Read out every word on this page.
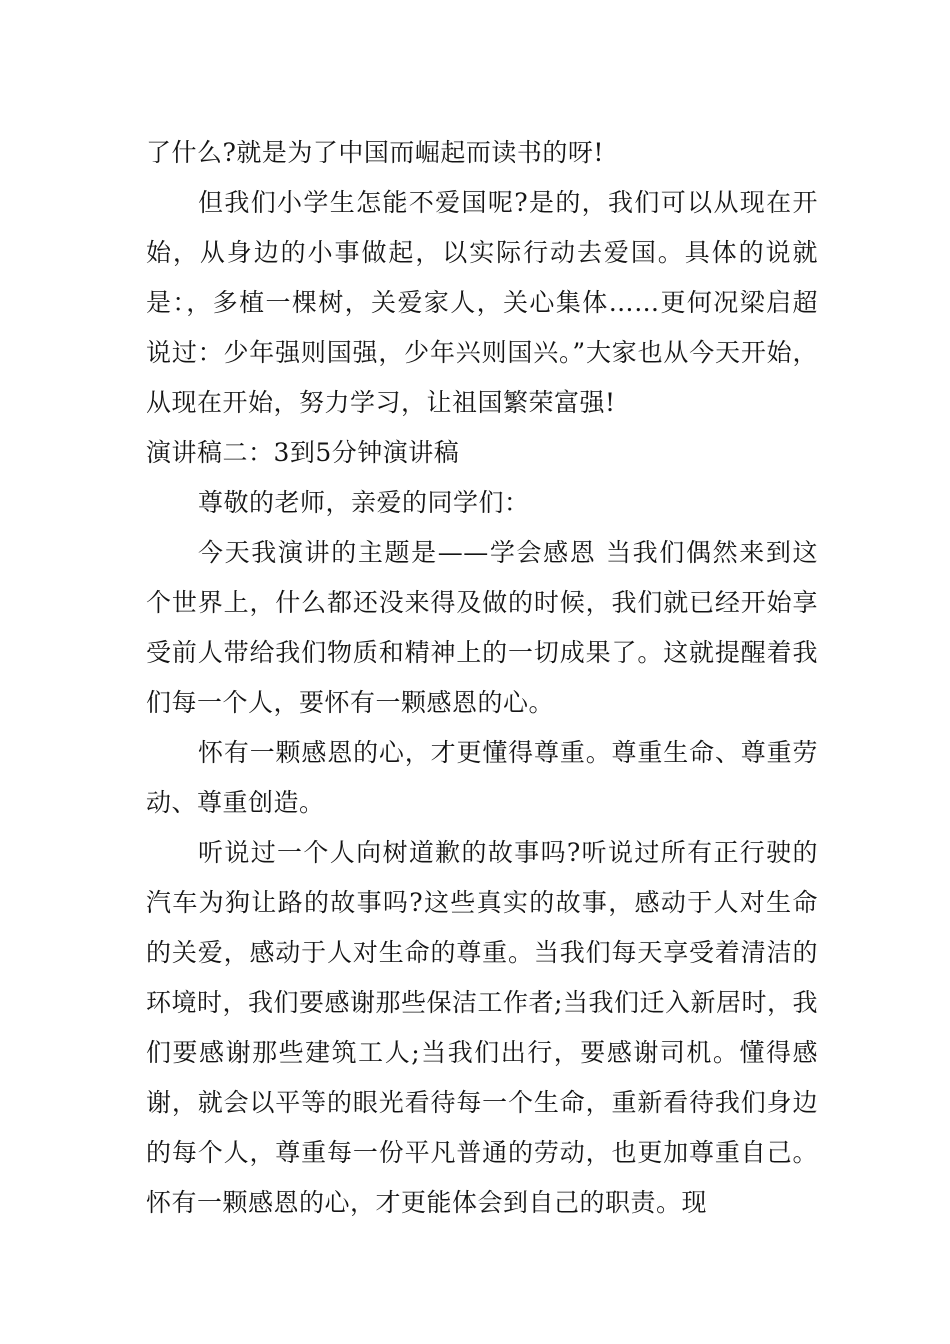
了什么?就是为了中国而崛起而读书的呀!

但我们小学生怎能不爱国呢?是的，我们可以从现在开始，从身边的小事做起，以实际行动去爱国。具体的说就是：，多植一棵树，关爱家人，关心集体……更何况梁启超说过：少年强则国强，少年兴则国兴。”大家也从今天开始，从现在开始，努力学习，让祖国繁荣富强!

演讲稿二：3到5分钟演讲稿

尊敬的老师，亲爱的同学们：

今天我演讲的主题是——学会感恩 当我们偶然来到这个世界上，什么都还没来得及做的时候，我们就已经开始享受前人带给我们物质和精神上的一切成果了。这就提醒着我们每一个人，要怀有一颗感恩的心。

怀有一颗感恩的心，才更懂得尊重。尊重生命、尊重劳动、尊重创造。

听说过一个人向树道歉的故事吗?听说过所有正行驶的汽车为狗让路的故事吗?这些真实的故事，感动于人对生命的关爱，感动于人对生命的尊重。当我们每天享受着清洁的环境时，我们要感谢那些保洁工作者;当我们迁入新居时，我们要感谢那些建筑工人;当我们出行，要感谢司机。懂得感谢，就会以平等的眼光看待每一个生命，重新看待我们身边的每个人，尊重每一份平凡普通的劳动，也更加尊重自己。怀有一颗感恩的心，才更能体会到自己的职责。现
